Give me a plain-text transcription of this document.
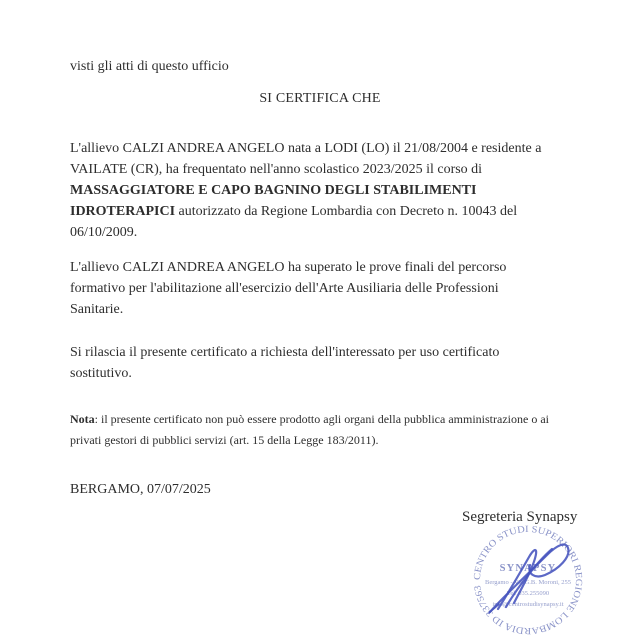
visti gli atti di questo ufficio
SI CERTIFICA CHE
L'allievo CALZI ANDREA ANGELO nata a LODI (LO) il 21/08/2004 e residente a
VAILATE (CR), ha frequentato nell'anno scolastico 2023/2025 il corso di
MASSAGGIATORE E CAPO BAGNINO DEGLI STABILIMENTI
IDROTERAPICI autorizzato da Regione Lombardia con Decreto n. 10043 del
06/10/2009.
L'allievo CALZI ANDREA ANGELO ha superato le prove finali del percorso
formativo per l'abilitazione all'esercizio dell'Arte Ausiliaria delle Professioni
Sanitarie.
Si rilascia il presente certificato a richiesta dell'interessato per uso certificato
sostitutivo.
Nota: il presente certificato non può essere prodotto agli organi della pubblica amministrazione o ai
privati gestori di pubblici servizi (art. 15 della Legge 183/2011).
BERGAMO, 07/07/2025
Segreteria Synapsy
CENTRO STUDI SUPERIORI REGIONE LOMBARDIA ID 337563
SYNAPSY
Bergamo - Via G.B. Moroni, 255
Tel. 035.255090
info@centrostudisynapsy.it
